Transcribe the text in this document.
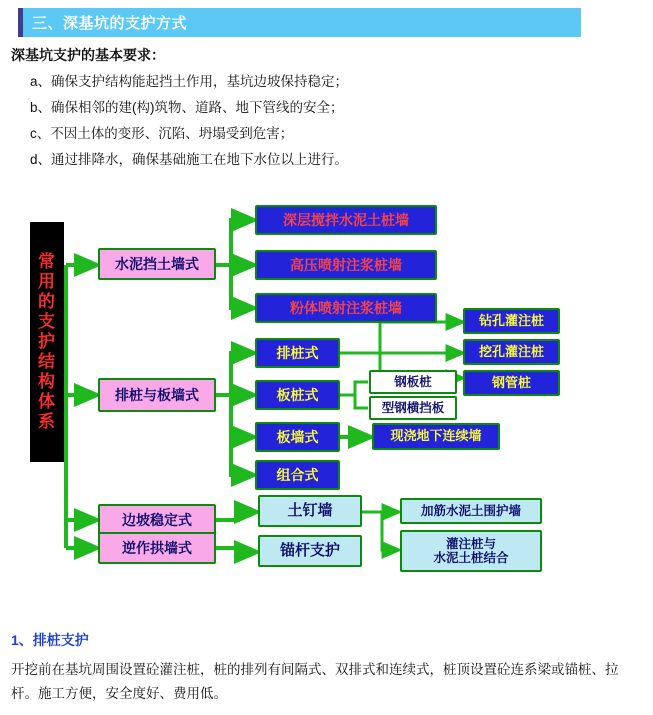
三、深基坑的支护方式
深基坑支护的基本要求：
a、确保支护结构能起挡土作用，基坑边坡保持稳定；
b、确保相邻的建(构)筑物、道路、地下管线的安全；
c、不因土体的变形、沉陷、坍塌受到危害；
d、通过排降水，确保基础施工在地下水位以上进行。
常
用
的
支
护
结
构
体
系
水泥挡土墙式
排桩与板墙式
边坡稳定式
逆作拱墙式
深层搅拌水泥土桩墙
高压喷射注浆桩墙
粉体喷射注浆桩墙
排桩式
板桩式
板墙式
组合式
钻孔灌注桩
挖孔灌注桩
钢管桩
钢板桩
型钢横挡板
现浇地下连续墙
土钉墙
锚杆支护
加筋水泥土围护墙
灌注桩与
水泥土桩结合
1、排桩支护
开挖前在基坑周围设置砼灌注桩，桩的排列有间隔式、双排式和连续式，桩顶设置砼连系梁或锚桩、拉杆。施工方便，安全度好、费用低。
